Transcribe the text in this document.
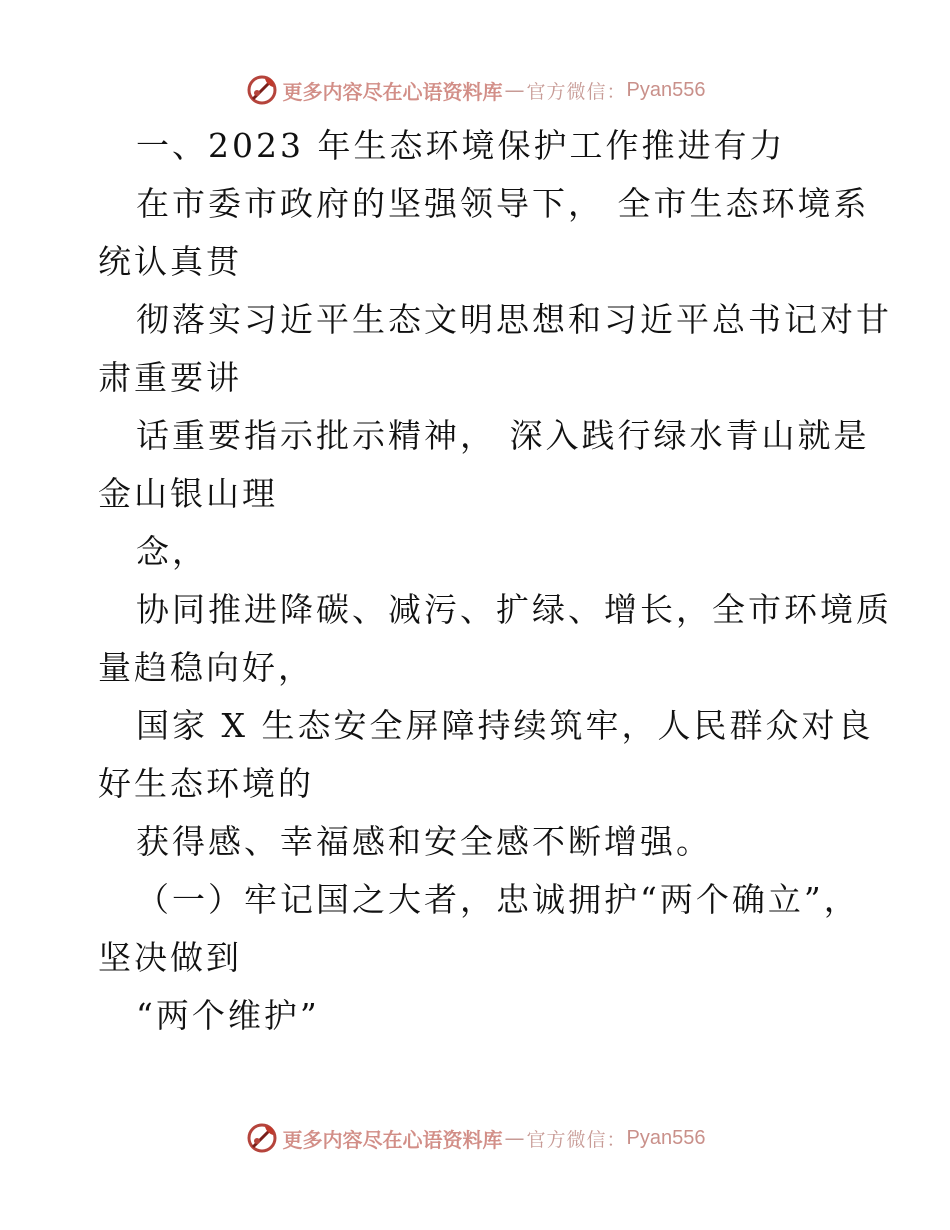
更多内容尽在心语资料库 — 官方微信： Pyan556
一、2023 年生态环境保护工作推进有力
在市委市政府的坚强领导下， 全市生态环境系
统认真贯
彻落实习近平生态文明思想和习近平总书记对甘
肃重要讲
话重要指示批示精神， 深入践行绿水青山就是
金山银山理
念，
协同推进降碳、减污、扩绿、增长，全市环境质
量趋稳向好，
国家 X 生态安全屏障持续筑牢，人民群众对良
好生态环境的
获得感、幸福感和安全感不断增强。
（一）牢记国之大者，忠诚拥护“两个确立”，
坚决做到
“两个维护”
更多内容尽在心语资料库 — 官方微信： Pyan556
